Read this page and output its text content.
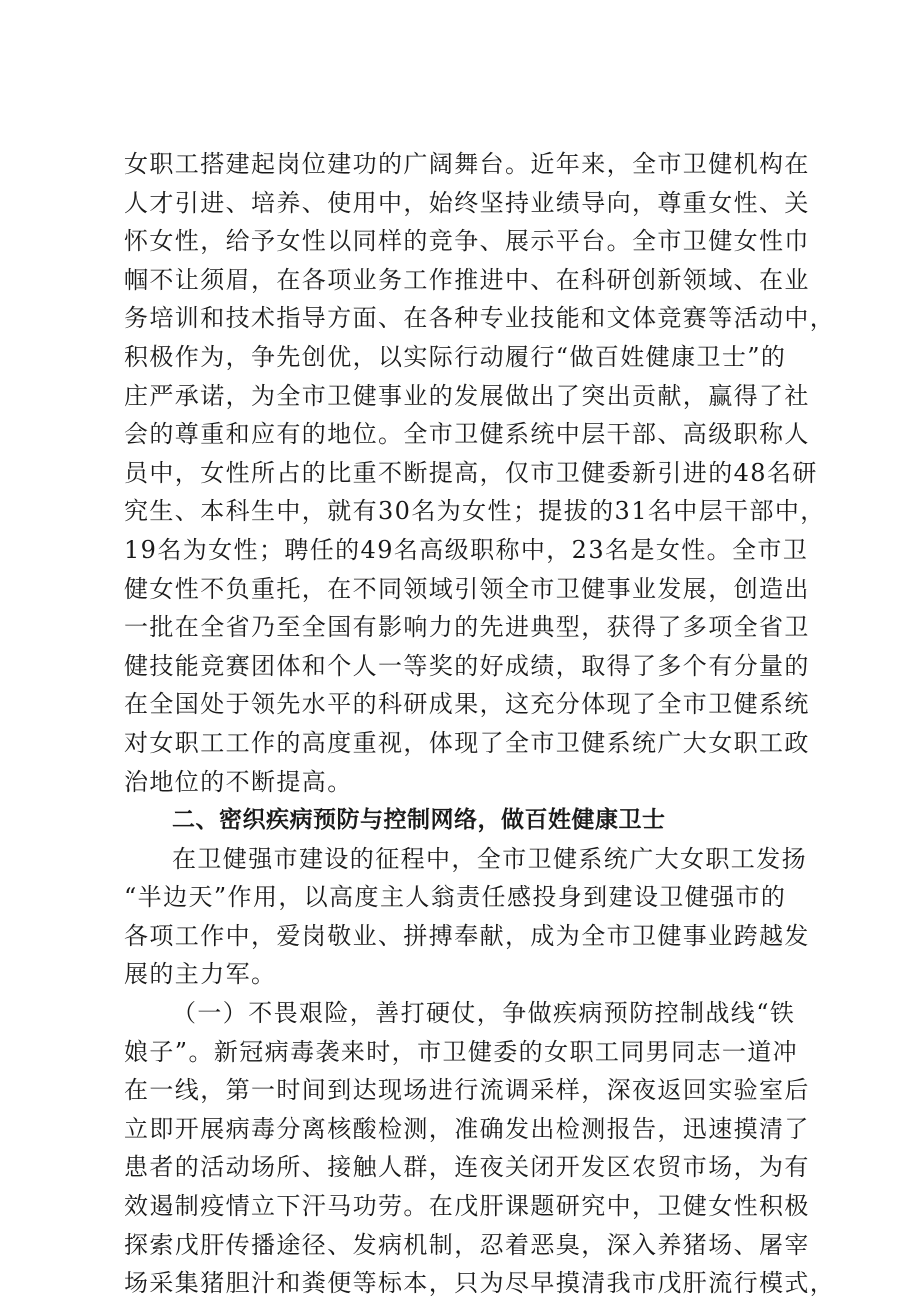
女职工搭建起岗位建功的广阔舞台。近年来，全市卫健机构在
人才引进、培养、使用中，始终坚持业绩导向，尊重女性、关
怀女性，给予女性以同样的竞争、展示平台。全市卫健女性巾
帼不让须眉，在各项业务工作推进中、在科研创新领域、在业
务培训和技术指导方面、在各种专业技能和文体竞赛等活动中，
积极作为，争先创优，以实际行动履行“做百姓健康卫士”的
庄严承诺，为全市卫健事业的发展做出了突出贡献，赢得了社
会的尊重和应有的地位。全市卫健系统中层干部、高级职称人
员中，女性所占的比重不断提高，仅市卫健委新引进的48名研
究生、本科生中，就有30名为女性；提拔的31名中层干部中，
19名为女性；聘任的49名高级职称中，23名是女性。全市卫
健女性不负重托，在不同领域引领全市卫健事业发展，创造出
一批在全省乃至全国有影响力的先进典型，获得了多项全省卫
健技能竞赛团体和个人一等奖的好成绩，取得了多个有分量的
在全国处于领先水平的科研成果，这充分体现了全市卫健系统
对女职工工作的高度重视，体现了全市卫健系统广大女职工政
治地位的不断提高。

二、密织疾病预防与控制网络，做百姓健康卫士

在卫健强市建设的征程中，全市卫健系统广大女职工发扬
“半边天”作用，以高度主人翁责任感投身到建设卫健强市的
各项工作中，爱岗敬业、拼搏奉献，成为全市卫健事业跨越发
展的主力军。

（一）不畏艰险，善打硬仗，争做疾病预防控制战线“铁
娘子”。新冠病毒袭来时，市卫健委的女职工同男同志一道冲
在一线，第一时间到达现场进行流调采样，深夜返回实验室后
立即开展病毒分离核酸检测，准确发出检测报告，迅速摸清了
患者的活动场所、接触人群，连夜关闭开发区农贸市场，为有
效遏制疫情立下汗马功劳。在戊肝课题研究中，卫健女性积极
探索戊肝传播途径、发病机制，忍着恶臭，深入养猪场、屠宰
场采集猪胆汁和粪便等标本，只为尽早摸清我市戊肝流行模式，
